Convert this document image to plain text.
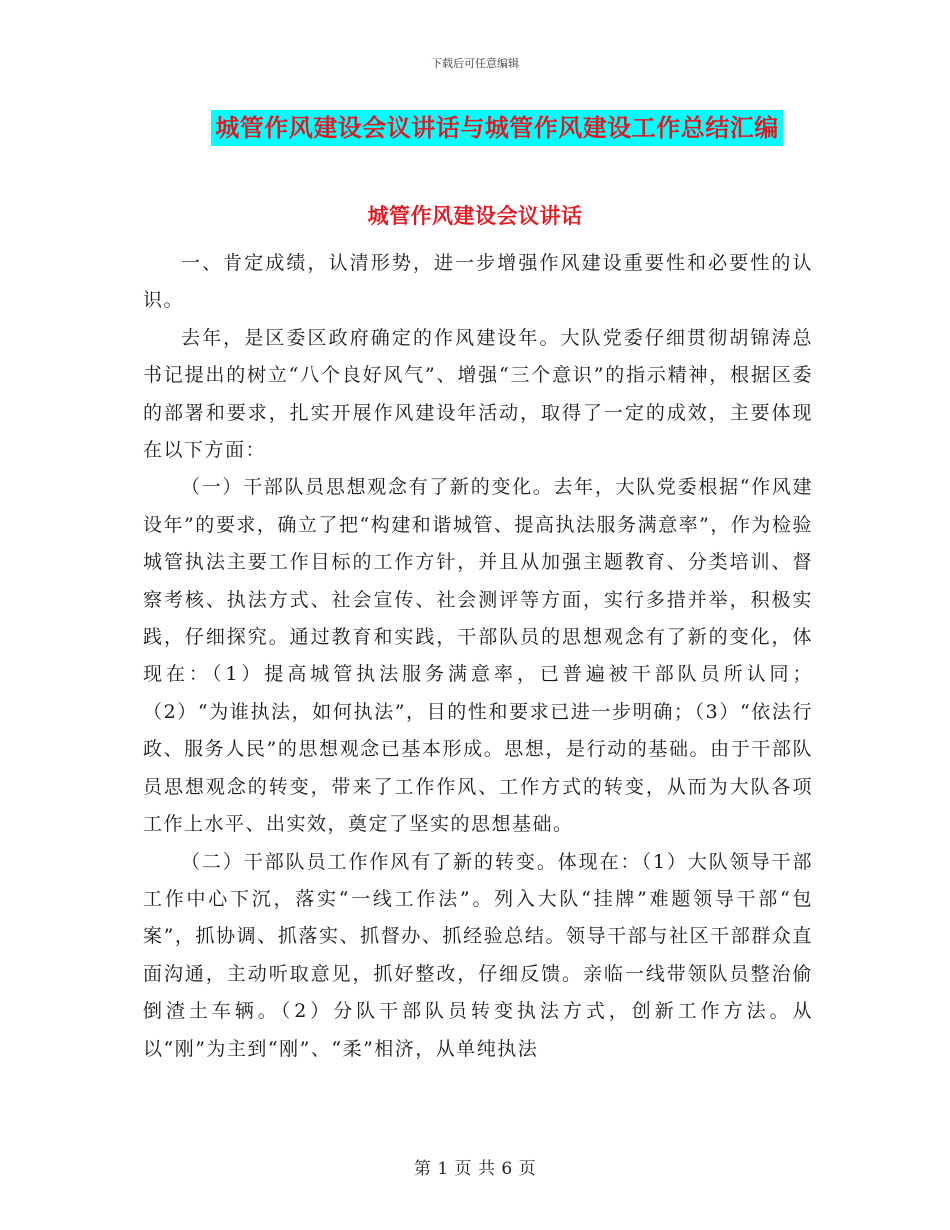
下载后可任意编辑
城管作风建设会议讲话与城管作风建设工作总结汇编
城管作风建设会议讲话

一、肯定成绩，认清形势，进一步增强作风建设重要性和必要性的认识。

去年，是区委区政府确定的作风建设年。大队党委仔细贯彻胡锦涛总书记提出的树立“八个良好风气”、增强“三个意识”的指示精神，根据区委的部署和要求，扎实开展作风建设年活动，取得了一定的成效，主要体现在以下方面：

（一）干部队员思想观念有了新的变化。去年，大队党委根据“作风建设年”的要求，确立了把“构建和谐城管、提高执法服务满意率”，作为检验城管执法主要工作目标的工作方针，并且从加强主题教育、分类培训、督察考核、执法方式、社会宣传、社会测评等方面，实行多措并举，积极实践，仔细探究。通过教育和实践，干部队员的思想观念有了新的变化，体现在：（1）提高城管执法服务满意率，已普遍被干部队员所认同；（2）“为谁执法，如何执法”，目的性和要求已进一步明确；（3）“依法行政、服务人民”的思想观念已基本形成。思想，是行动的基础。由于干部队员思想观念的转变，带来了工作作风、工作方式的转变，从而为大队各项工作上水平、出实效，奠定了坚实的思想基础。

（二）干部队员工作作风有了新的转变。体现在：（1）大队领导干部工作中心下沉，落实“一线工作法”。列入大队“挂牌”难题领导干部“包案”，抓协调、抓落实、抓督办、抓经验总结。领导干部与社区干部群众直面沟通，主动听取意见，抓好整改，仔细反馈。亲临一线带领队员整治偷倒渣土车辆。（2）分队干部队员转变执法方式，创新工作方法。从以“刚”为主到“刚”、“柔”相济，从单纯执法

第 1 页 共 6 页
